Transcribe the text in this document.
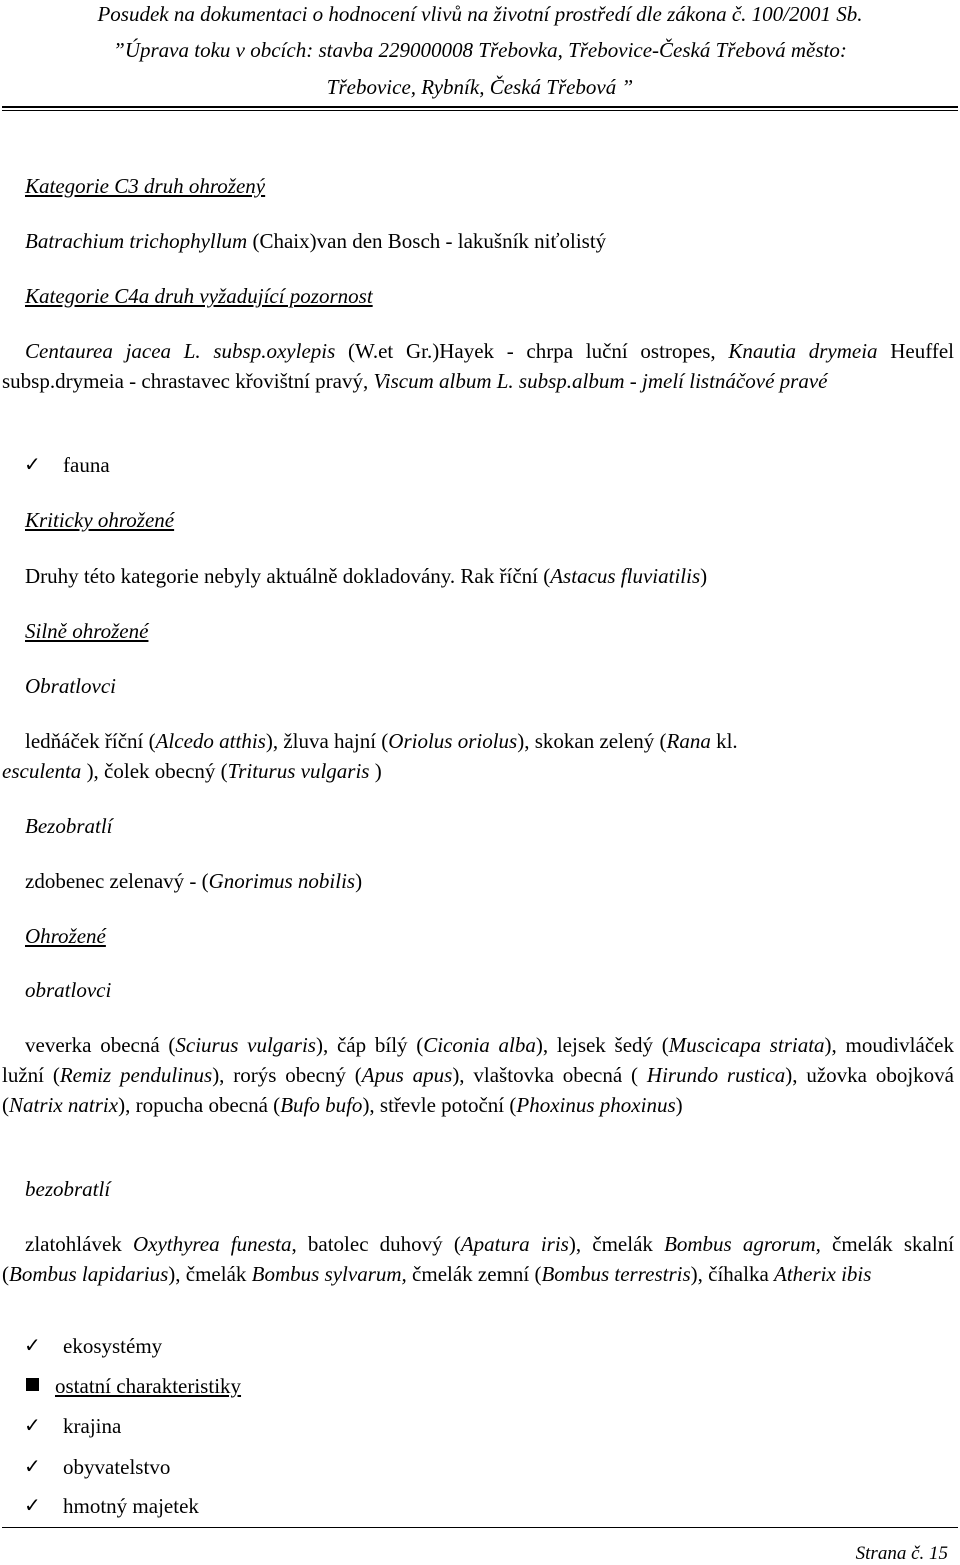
Posudek na dokumentaci o hodnocení vlivů na životní prostředí dle zákona č. 100/2001 Sb.
”Úprava toku v obcích: stavba 229000008 Třebovka, Třebovice-Česká Třebová město:
Třebovice, Rybník, Česká Třebová ”
Kategorie C3 druh ohrožený
Batrachium trichophyllum (Chaix)van den Bosch - lakušník niťolistý
Kategorie C4a druh vyžadující pozornost
Centaurea jacea L. subsp.oxylepis (W.et Gr.)Hayek - chrpa luční ostropes, Knautia drymeia Heuffel subsp.drymeia - chrastavec křovištní pravý, Viscum album L. subsp.album - jmelí listnáčové pravé
✓ fauna
Kriticky ohrožené
Druhy této kategorie nebyly aktuálně dokladovány. Rak říční (Astacus fluviatilis)
Silně ohrožené
Obratlovci
ledňáček říční (Alcedo atthis), žluva hajní (Oriolus oriolus), skokan zelený (Rana kl.
esculenta ), čolek obecný (Triturus vulgaris )
Bezobratlí
zdobenec zelenavý - (Gnorimus nobilis)
Ohrožené
obratlovci
veverka obecná (Sciurus vulgaris), čáp bílý (Ciconia alba), lejsek šedý (Muscicapa striata), moudivláček lužní (Remiz pendulinus), rorýs obecný (Apus apus), vlaštovka obecná ( Hirundo rustica), užovka obojková (Natrix natrix), ropucha obecná (Bufo bufo), střevle potoční (Phoxinus phoxinus)
bezobratlí
zlatohlávek Oxythyrea funesta, batolec duhový (Apatura iris), čmelák Bombus agrorum, čmelák skalní (Bombus lapidarius), čmelák Bombus sylvarum, čmelák zemní (Bombus terrestris), číhalka Atherix ibis
✓ ekosystémy
ostatní charakteristiky
✓ krajina
✓ obyvatelstvo
✓ hmotný majetek
Strana č. 15
